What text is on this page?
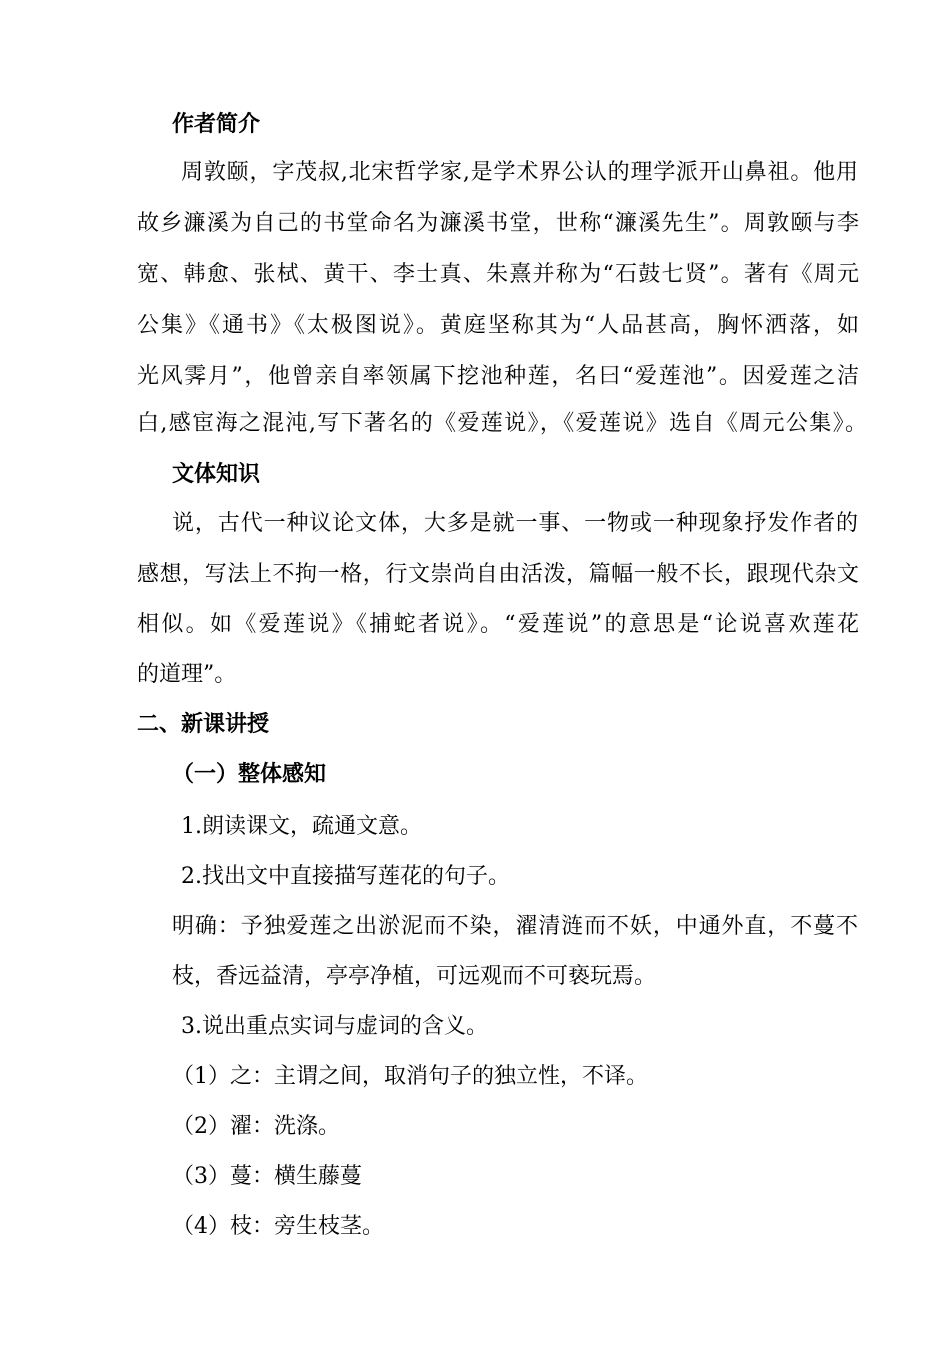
作者简介
周敦颐，字茂叔,北宋哲学家,是学术界公认的理学派开山鼻祖。他用
故乡濂溪为自己的书堂命名为濂溪书堂，世称“濂溪先生”。周敦颐与李
宽、韩愈、张栻、黄干、李士真、朱熹并称为“石鼓七贤”。著有《周元
公集》《通书》《太极图说》。黄庭坚称其为“人品甚高，胸怀洒落，如
光风霁月”，他曾亲自率领属下挖池种莲，名曰“爱莲池”。因爱莲之洁
白,感宦海之混沌,写下著名的《爱莲说》，《爱莲说》选自《周元公集》。
文体知识
说，古代一种议论文体，大多是就一事、一物或一种现象抒发作者的
感想，写法上不拘一格，行文崇尚自由活泼，篇幅一般不长，跟现代杂文
相似。如《爱莲说》《捕蛇者说》。“爱莲说”的意思是“论说喜欢莲花
的道理”。
二、新课讲授
（一）整体感知
1.朗读课文，疏通文意。
2.找出文中直接描写莲花的句子。
明确：予独爱莲之出淤泥而不染，濯清涟而不妖，中通外直，不蔓不
枝，香远益清，亭亭净植，可远观而不可亵玩焉。
3.说出重点实词与虚词的含义。
（1）之：主谓之间，取消句子的独立性，不译。
（2）濯：洗涤。
（3）蔓：横生藤蔓
（4）枝：旁生枝茎。
